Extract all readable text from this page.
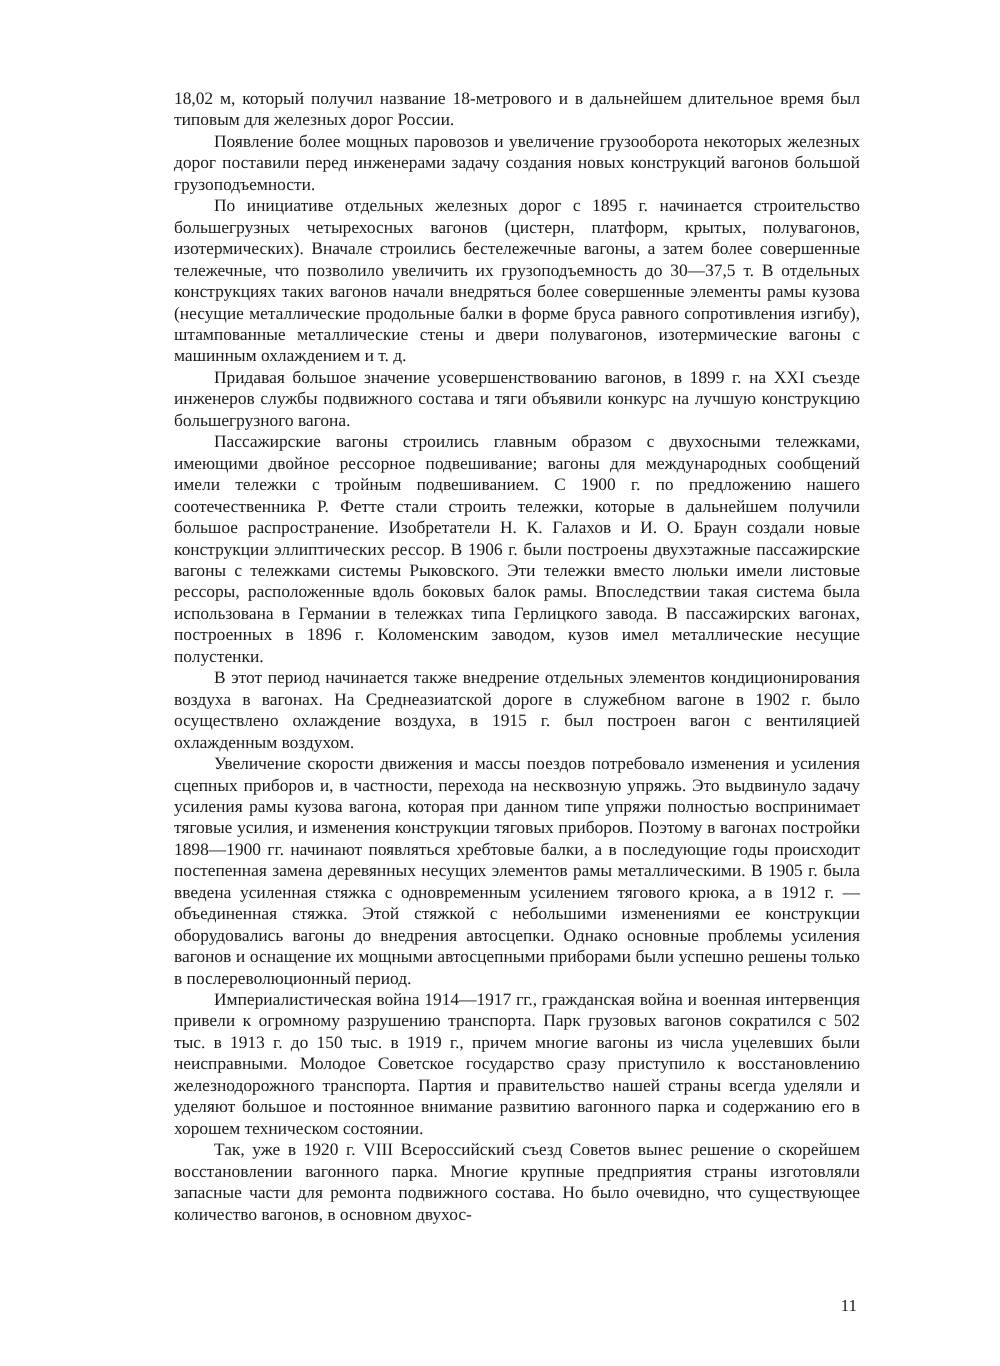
18,02 м, который получил название 18-метрового и в дальнейшем длительное время был типовым для железных дорог России.

Появление более мощных паровозов и увеличение грузооборота некоторых железных дорог поставили перед инженерами задачу создания новых конструкций вагонов большой грузоподъемности.

По инициативе отдельных железных дорог с 1895 г. начинается строительство большегрузных четырехосных вагонов (цистерн, платформ, крытых, полувагонов, изотермических). Вначале строились бестележечные вагоны, а затем более совершенные тележечные, что позволило увеличить их грузоподъемность до 30—37,5 т. В отдельных конструкциях таких вагонов начали внедряться более совершенные элементы рамы кузова (несущие металлические продольные балки в форме бруса равного сопротивления изгибу), штампованные металлические стены и двери полувагонов, изотермические вагоны с машинным охлаждением и т. д.

Придавая большое значение усовершенствованию вагонов, в 1899 г. на XXI съезде инженеров службы подвижного состава и тяги объявили конкурс на лучшую конструкцию большегрузного вагона.

Пассажирские вагоны строились главным образом с двухосными тележками, имеющими двойное рессорное подвешивание; вагоны для международных сообщений имели тележки с тройным подвешиванием. С 1900 г. по предложению нашего соотечественника Р. Фетте стали строить тележки, которые в дальнейшем получили большое распространение. Изобретатели Н. К. Галахов и И. О. Браун создали новые конструкции эллиптических рессор. В 1906 г. были построены двухэтажные пассажирские вагоны с тележками системы Рыковского. Эти тележки вместо люльки имели листовые рессоры, расположенные вдоль боковых балок рамы. Впоследствии такая система была использована в Германии в тележках типа Герлицкого завода. В пассажирских вагонах, построенных в 1896 г. Коломенским заводом, кузов имел металлические несущие полустенки.

В этот период начинается также внедрение отдельных элементов кондиционирования воздуха в вагонах. На Среднеазиатской дороге в служебном вагоне в 1902 г. было осуществлено охлаждение воздуха, в 1915 г. был построен вагон с вентиляцией охлажденным воздухом.

Увеличение скорости движения и массы поездов потребовало изменения и усиления сцепных приборов и, в частности, перехода на несквозную упряжь. Это выдвинуло задачу усиления рамы кузова вагона, которая при данном типе упряжи полностью воспринимает тяговые усилия, и изменения конструкции тяговых приборов. Поэтому в вагонах постройки 1898—1900 гг. начинают появляться хребтовые балки, а в последующие годы происходит постепенная замена деревянных несущих элементов рамы металлическими. В 1905 г. была введена усиленная стяжка с одновременным усилением тягового крюка, а в 1912 г. — объединенная стяжка. Этой стяжкой с небольшими изменениями ее конструкции оборудовались вагоны до внедрения автосцепки. Однако основные проблемы усиления вагонов и оснащение их мощными автосцепными приборами были успешно решены только в послереволюционный период.

Империалистическая война 1914—1917 гг., гражданская война и военная интервенция привели к огромному разрушению транспорта. Парк грузовых вагонов сократился с 502 тыс. в 1913 г. до 150 тыс. в 1919 г., причем многие вагоны из числа уцелевших были неисправными. Молодое Советское государство сразу приступило к восстановлению железнодорожного транспорта. Партия и правительство нашей страны всегда уделяли и уделяют большое и постоянное внимание развитию вагонного парка и содержанию его в хорошем техническом состоянии.

Так, уже в 1920 г. VIII Всероссийский съезд Советов вынес решение о скорейшем восстановлении вагонного парка. Многие крупные предприятия страны изготовляли запасные части для ремонта подвижного состава. Но было очевидно, что существующее количество вагонов, в основном двухос-

11
